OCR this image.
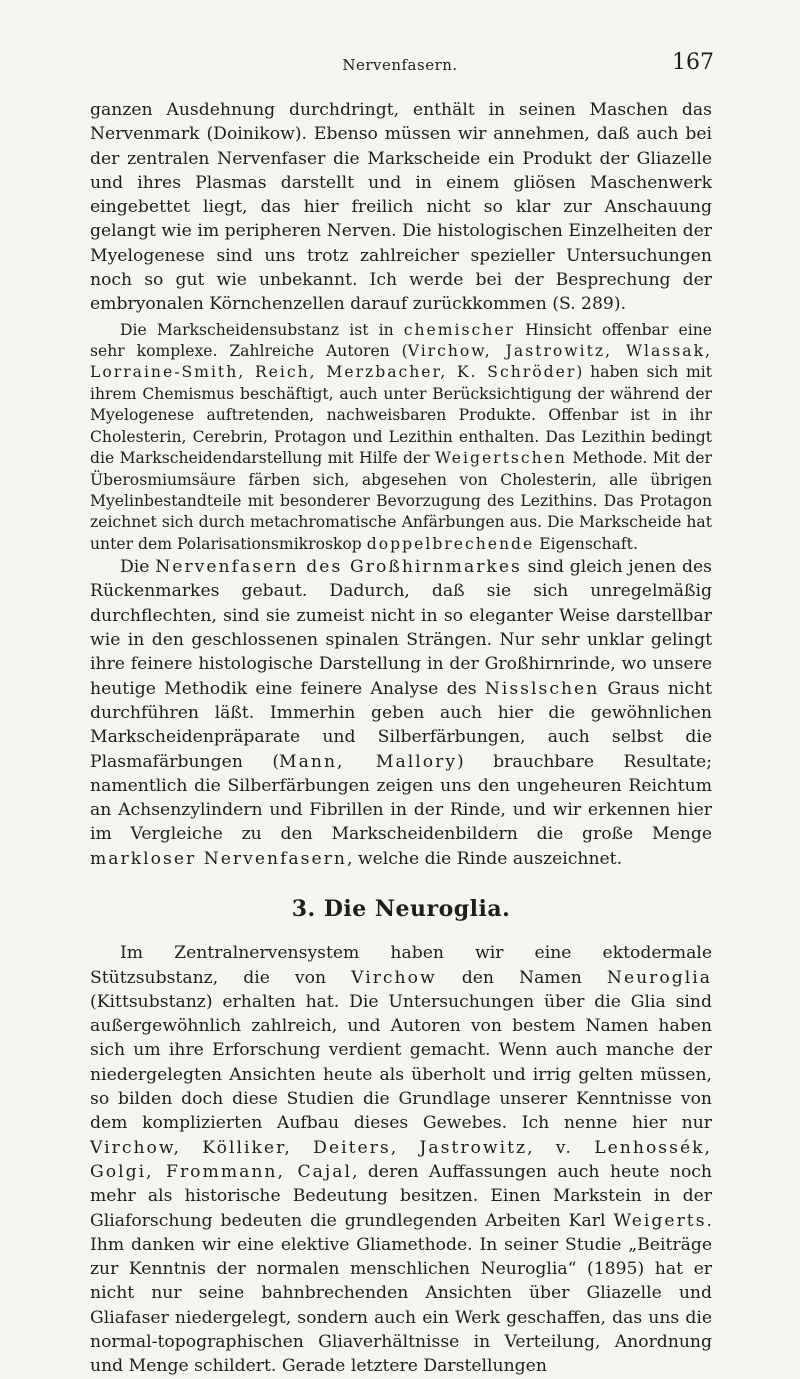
Nervenfasern.	167

ganzen Ausdehnung durchdringt, enthält in seinen Maschen das Nervenmark (Doinikow). Ebenso müssen wir annehmen, daß auch bei der zentralen Nervenfaser die Markscheide ein Produkt der Gliazelle und ihres Plasmas darstellt und in einem gliösen Maschenwerk eingebettet liegt, das hier freilich nicht so klar zur Anschauung gelangt wie im peripheren Nerven. Die histologischen Einzelheiten der Myelogenese sind uns trotz zahlreicher spezieller Untersuchungen noch so gut wie unbekannt. Ich werde bei der Besprechung der embryonalen Körnchenzellen darauf zurückkommen (S. 289).

Die Markscheidensubstanz ist in chemischer Hinsicht offenbar eine sehr komplexe. Zahlreiche Autoren (Virchow, Jastrowitz, Wlassak, Lorraine-Smith, Reich, Merzbacher, K. Schröder) haben sich mit ihrem Chemismus beschäftigt, auch unter Berücksichtigung der während der Myelogenese auftretenden, nachweisbaren Produkte. Offenbar ist in ihr Cholesterin, Cerebrin, Protagon und Lezithin enthalten. Das Lezithin bedingt die Markscheidendarstellung mit Hilfe der Weigertschen Methode. Mit der Überosmiumsäure färben sich, abgesehen von Cholesterin, alle übrigen Myelinbestandteile mit besonderer Bevorzugung des Lezithins. Das Protagon zeichnet sich durch metachromatische Anfärbungen aus. Die Markscheide hat unter dem Polarisationsmikroskop doppelbrechende Eigenschaft.

Die Nervenfasern des Großhirnmarkes sind gleich jenen des Rückenmarkes gebaut. Dadurch, daß sie sich unregelmäßig durchflechten, sind sie zumeist nicht in so eleganter Weise darstellbar wie in den geschlossenen spinalen Strängen. Nur sehr unklar gelingt ihre feinere histologische Darstellung in der Großhirnrinde, wo unsere heutige Methodik eine feinere Analyse des Nisslschen Graus nicht durchführen läßt. Immerhin geben auch hier die gewöhnlichen Markscheidenpräparate und Silberfärbungen, auch selbst die Plasmafärbungen (Mann, Mallory) brauchbare Resultate; namentlich die Silberfärbungen zeigen uns den ungeheuren Reichtum an Achsenzylindern und Fibrillen in der Rinde, und wir erkennen hier im Vergleiche zu den Markscheidenbildern die große Menge markloser Nervenfasern, welche die Rinde auszeichnet.

3. Die Neuroglia.

Im Zentralnervensystem haben wir eine ektodermale Stützsubstanz, die von Virchow den Namen Neuroglia (Kittsubstanz) erhalten hat. Die Untersuchungen über die Glia sind außergewöhnlich zahlreich, und Autoren von bestem Namen haben sich um ihre Erforschung verdient gemacht. Wenn auch manche der niedergelegten Ansichten heute als überholt und irrig gelten müssen, so bilden doch diese Studien die Grundlage unserer Kenntnisse von dem komplizierten Aufbau dieses Gewebes. Ich nenne hier nur Virchow, Kölliker, Deiters, Jastrowitz, v. Lenhossék, Golgi, Frommann, Cajal, deren Auffassungen auch heute noch mehr als historische Bedeutung besitzen. Einen Markstein in der Gliaforschung bedeuten die grundlegenden Arbeiten Karl Weigerts. Ihm danken wir eine elektive Gliamethode. In seiner Studie „Beiträge zur Kenntnis der normalen menschlichen Neuroglia“ (1895) hat er nicht nur seine bahnbrechenden Ansichten über Gliazelle und Gliafaser niedergelegt, sondern auch ein Werk geschaffen, das uns die normal-topographischen Gliaverhältnisse in Verteilung, Anordnung und Menge schildert. Gerade letztere Darstellungen
